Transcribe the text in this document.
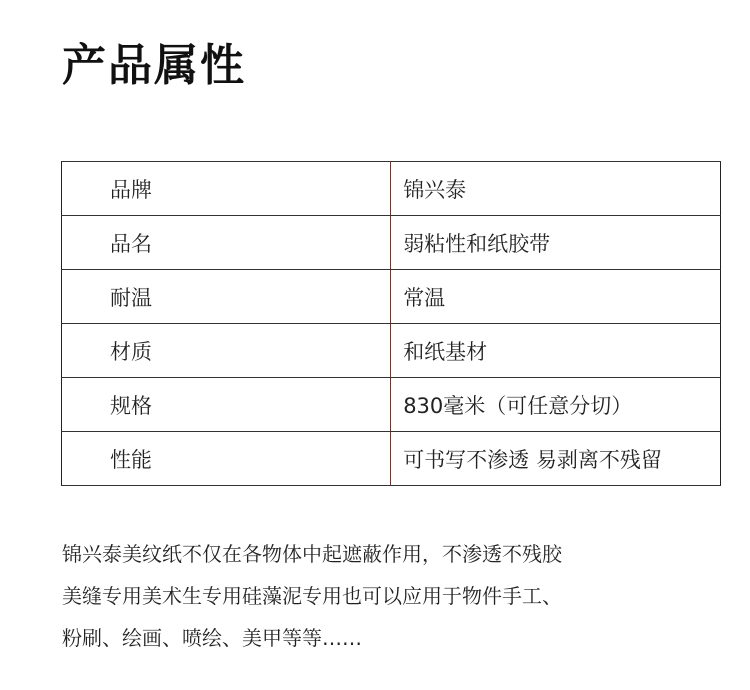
产品属性
品牌	锦兴泰
品名	弱粘性和纸胶带
耐温	常温
材质	和纸基材
规格	830毫米（可任意分切）
性能	可书写不渗透 易剥离不残留

锦兴泰美纹纸不仅在各物体中起遮蔽作用，不渗透不残胶

美缝专用美术生专用硅藻泥专用也可以应用于物件手工、

粉刷、绘画、喷绘、美甲等等……
